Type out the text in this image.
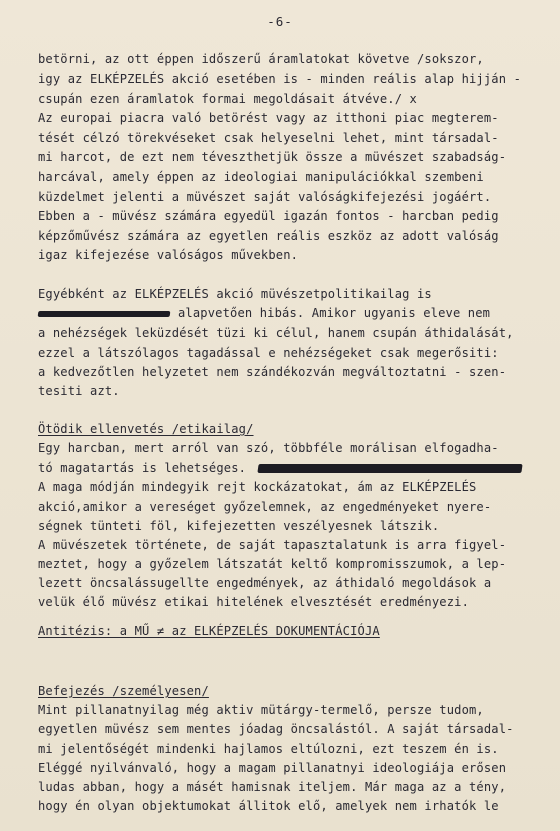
-6-
betörni, az ott éppen időszerű áramlatokat követve /sokszor,
igy az ELKÉPZELÉS akció esetében is - minden reális alap hijján -
csupán ezen áramlatok formai megoldásait átvéve./ x
Az europai piacra való betörést vagy az itthoni piac megterem-
tését célzó törekvéseket csak helyeselni lehet, mint társadal-
mi harcot, de ezt nem téveszthetjük össze a müvészet szabadság-
harcával, amely éppen az ideologiai manipulációkkal szembeni
küzdelmet jelenti a müvészet saját valóságkifejezési jogáért.
Ebben a - müvész számára egyedül igazán fontos - harcban pedig
képzőművész számára az egyetlen reális eszköz az adott valóság
igaz kifejezése valóságos művekben.
Egyébként az ELKÉPZELÉS akció müvészetpolitikailag is
alapvetően hibás. Amikor ugyanis eleve nem
a nehézségek leküzdését tüzi ki célul, hanem csupán áthidalását,
ezzel a látszólagos tagadással e nehézségeket csak megerősiti:
a kedvezőtlen helyzetet nem szándékozván megváltoztatni - szen-
tesiti azt.
Ötödik ellenvetés /etikailag/
Egy harcban, mert arról van szó, többféle morálisan elfogadha-
tó magatartás is lehetséges.
A maga módján mindegyik rejt kockázatokat, ám az ELKÉPZELÉS
akció,amikor a vereséget győzelemnek, az engedményeket nyere-
ségnek tünteti föl, kifejezetten veszélyesnek látszik.
A müvészetek története, de saját tapasztalatunk is arra figyel-
meztet, hogy a győzelem látszatát keltő kompromisszumok, a lep-
lezett öncsalássugellte engedmények, az áthidaló megoldások a
velük élő müvész etikai hitelének elvesztését eredményezi.
Antitézis: a MŰ ≠ az ELKÉPZELÉS DOKUMENTÁCIÓJA
Befejezés /személyesen/
Mint pillanatnyilag még aktiv mütárgy-termelő, persze tudom,
egyetlen müvész sem mentes jóadag öncsalástól. A saját társadal-
mi jelentőségét mindenki hajlamos eltúlozni, ezt teszem én is.
Eléggé nyilvánvaló, hogy a magam pillanatnyi ideologiája erősen
ludas abban, hogy a másét hamisnak iteljem. Már maga az a tény,
hogy én olyan objektumokat állitok elő, amelyek nem irhatók le
